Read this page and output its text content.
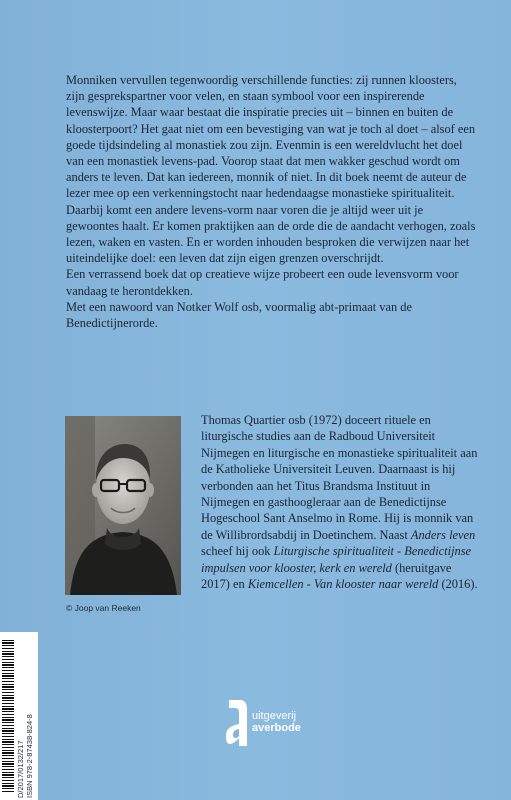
Monniken vervullen tegenwoordig verschillende functies: zij runnen kloosters, zijn gesprekspartner voor velen, en staan symbool voor een inspirerende levenswijze. Maar waar bestaat die inspiratie precies uit – binnen en buiten de kloosterpoort? Het gaat niet om een bevestiging van wat je toch al doet – alsof een goede tijdsindeling al monastiek zou zijn. Evenmin is een wereldvlucht het doel van een monastiek levens-pad. Voorop staat dat men wakker geschud wordt om anders te leven. Dat kan iedereen, monnik of niet. In dit boek neemt de auteur de lezer mee op een verkenningstocht naar hedendaagse monastieke spiritualiteit. Daarbij komt een andere levens-vorm naar voren die je altijd weer uit je gewoontes haalt. Er komen praktijken aan de orde die de aandacht verhogen, zoals lezen, waken en vasten. En er worden inhouden besproken die verwijzen naar het uiteindelijke doel: een leven dat zijn eigen grenzen overschrijdt.

Een verrassend boek dat op creatieve wijze probeert een oude levensvorm voor vandaag te herontdekken.

Met een nawoord van Notker Wolf osb, voormalig abt-primaat van de Benedictijnerorde.

© Joop van Reeken

Thomas Quartier osb (1972) doceert rituele en liturgische studies aan de Radboud Universiteit Nijmegen en liturgische en monastieke spiritualiteit aan de Katholieke Universiteit Leuven. Daarnaast is hij verbonden aan het Titus Brandsma Instituut in Nijmegen en gasthoogleraar aan de Benedictijnse Hogeschool Sant Anselmo in Rome. Hij is monnik van de Willibrordsabdij in Doetinchem. Naast Anders leven scheef hij ook Liturgische spiritualiteit - Benedictijnse impulsen voor klooster, kerk en wereld (heruitgave 2017) en Kiemcellen - Van klooster naar wereld (2016).

D/2017/0132/217 ISBN 978-2-87438-824-8	uitgeverij
averbode
